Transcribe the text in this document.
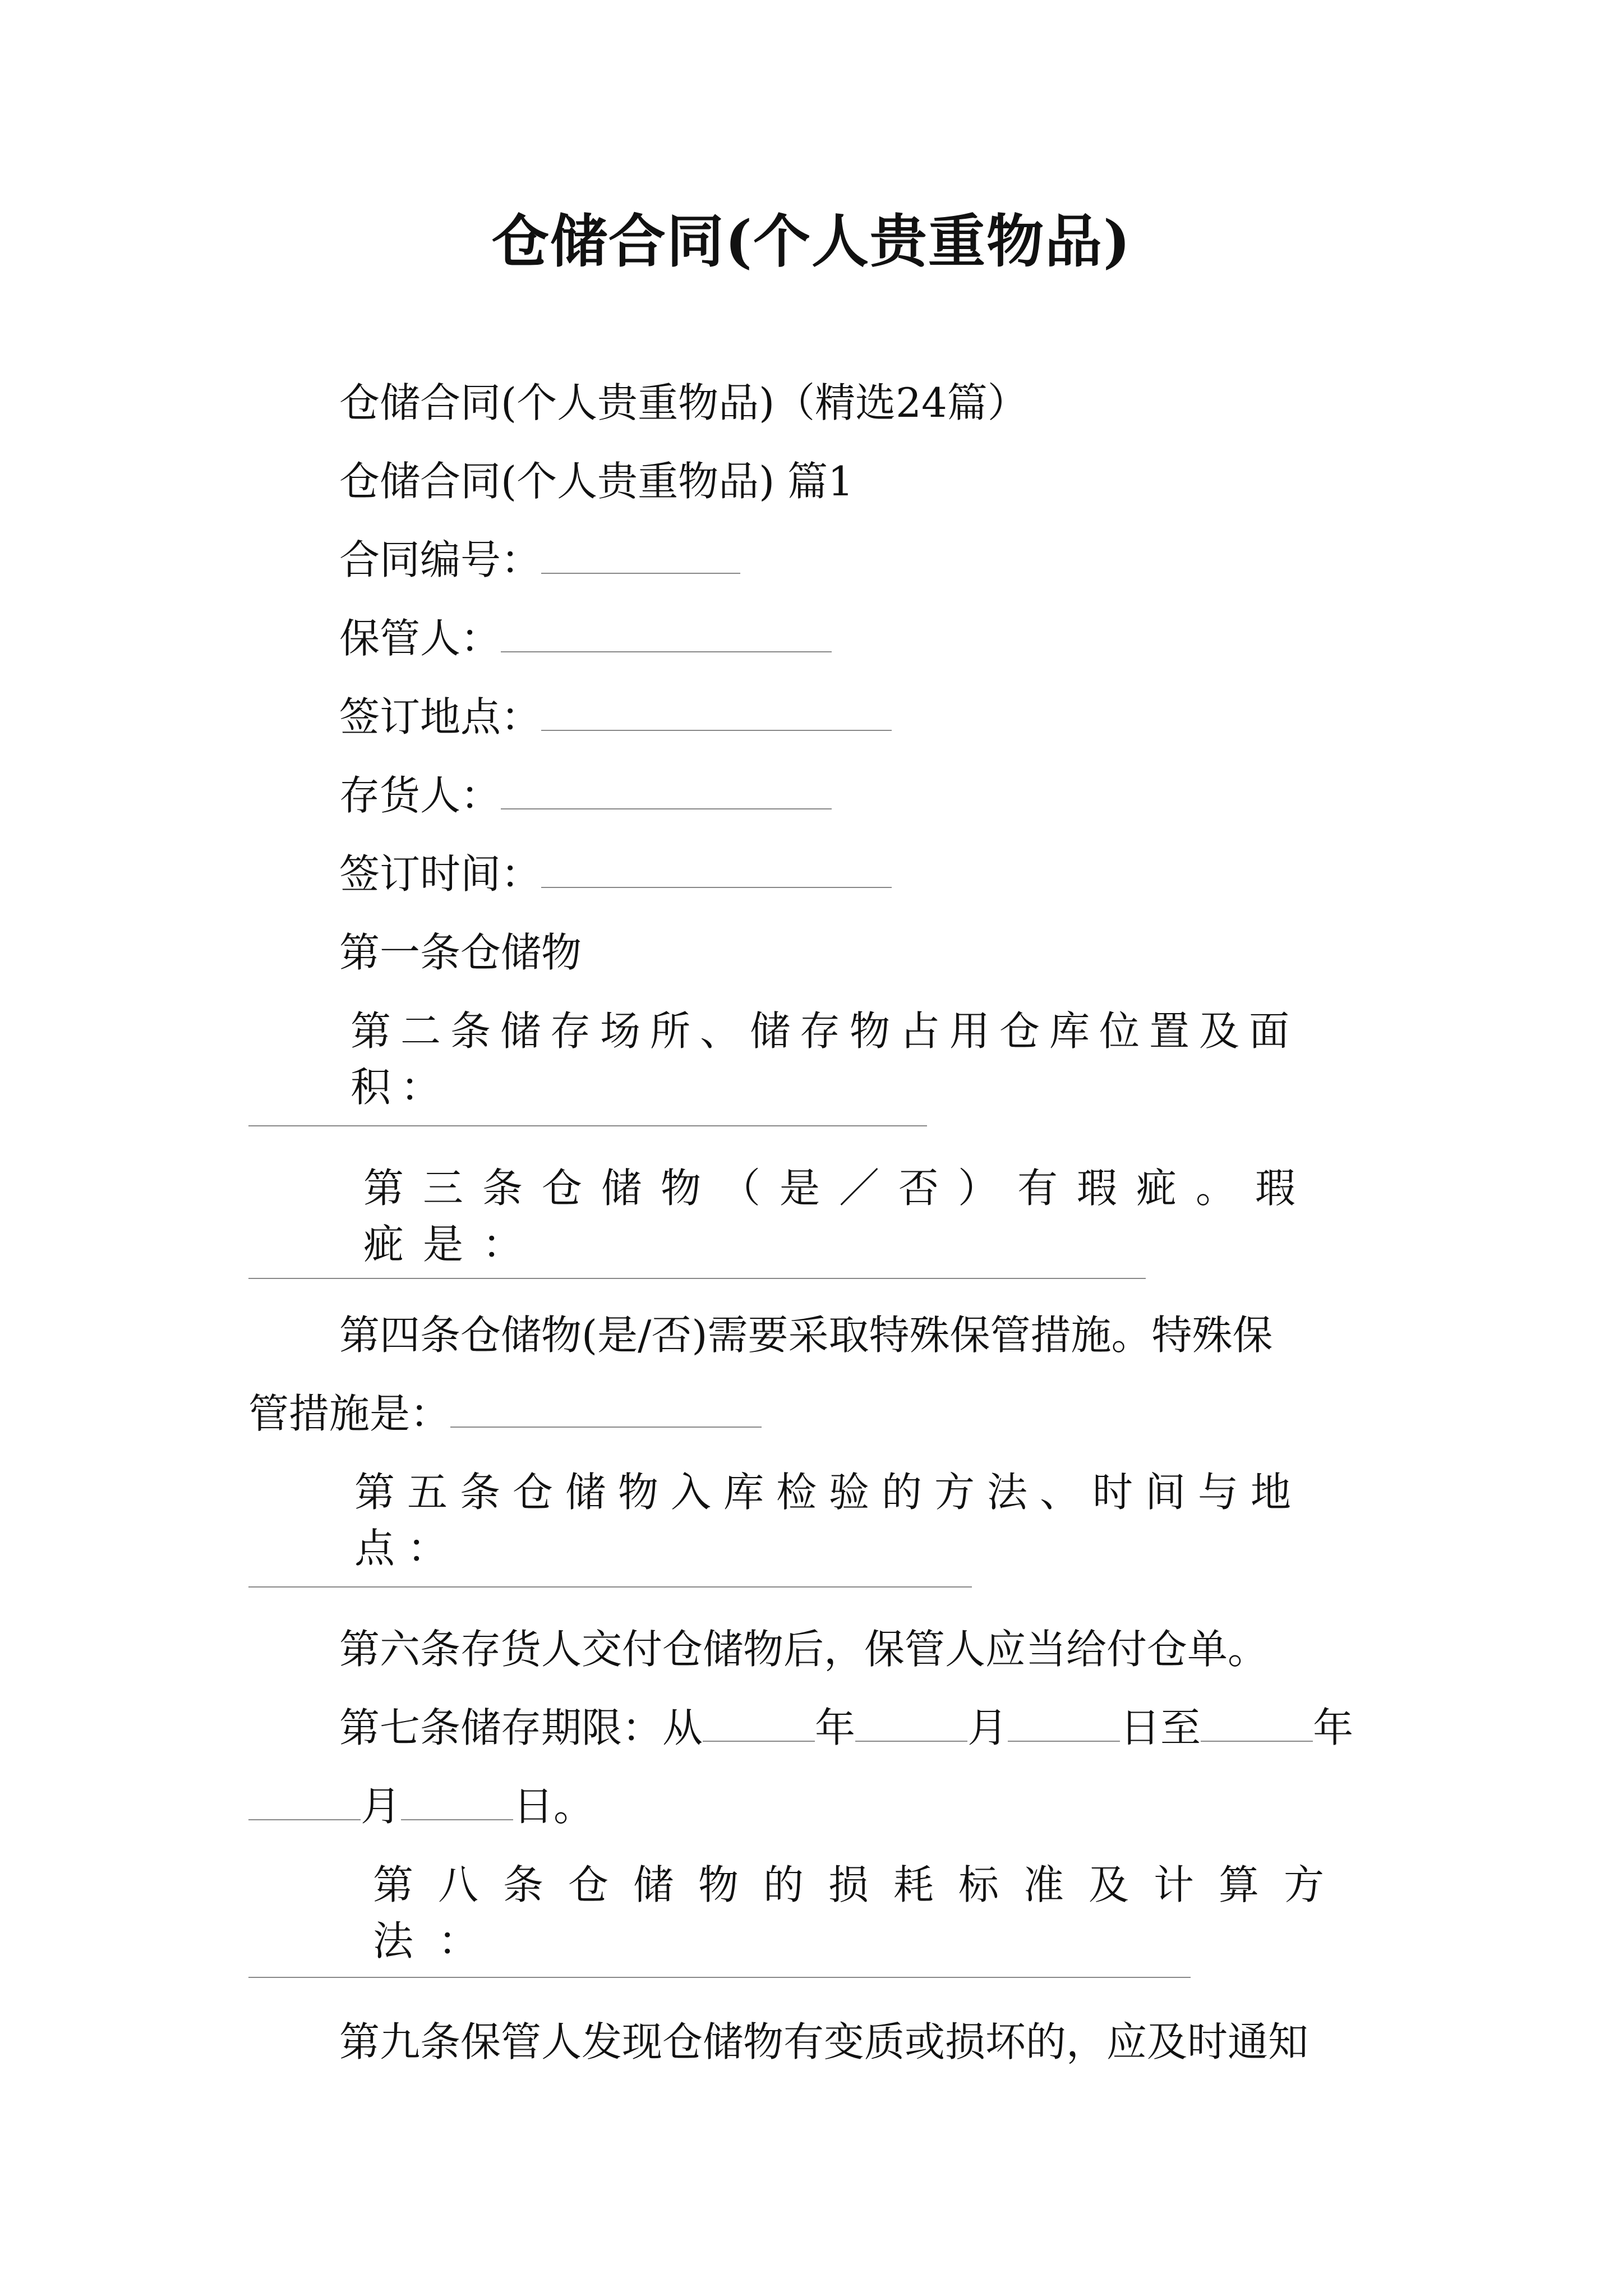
仓储合同(个人贵重物品)
仓储合同(个人贵重物品)（精选24篇）
仓储合同(个人贵重物品) 篇1
合同编号：
保管人：
签订地点：
存货人：
签订时间：
第一条仓储物
第二条储存场所、储存物占用仓库位置及面积：
第三条仓储物（是／否）有瑕疵。瑕疵是：
第四条仓储物(是/否)需要采取特殊保管措施。特殊保
管措施是：
第五条仓储物入库检验的方法、时间与地点：
第六条存货人交付仓储物后，保管人应当给付仓单。
第七条储存期限：从	年	月	日至	年
月	日。
第八条仓储物的损耗标准及计算方法：
第九条保管人发现仓储物有变质或损坏的，应及时通知
